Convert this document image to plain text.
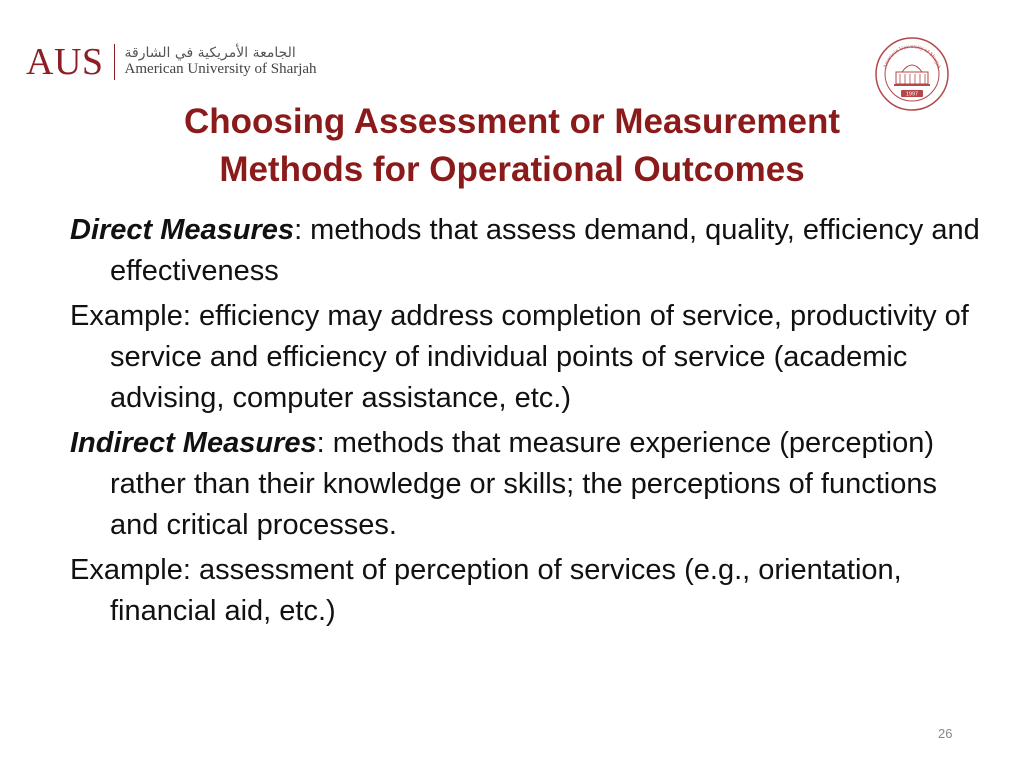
AUS الجامعة الأمريكية في الشارقة
American University of Sharjah
1997
American University of Sharjah
Choosing Assessment or Measurement
Methods for Operational Outcomes

Direct Measures: methods that assess demand, quality, efficiency and effectiveness

Example: efficiency may address completion of service, productivity of service and efficiency of individual points of service (academic advising, computer assistance, etc.)

Indirect Measures: methods that measure experience (perception) rather than their knowledge or skills; the perceptions of functions and critical processes.

Example: assessment of perception of services (e.g., orientation, financial aid, etc.)

26
